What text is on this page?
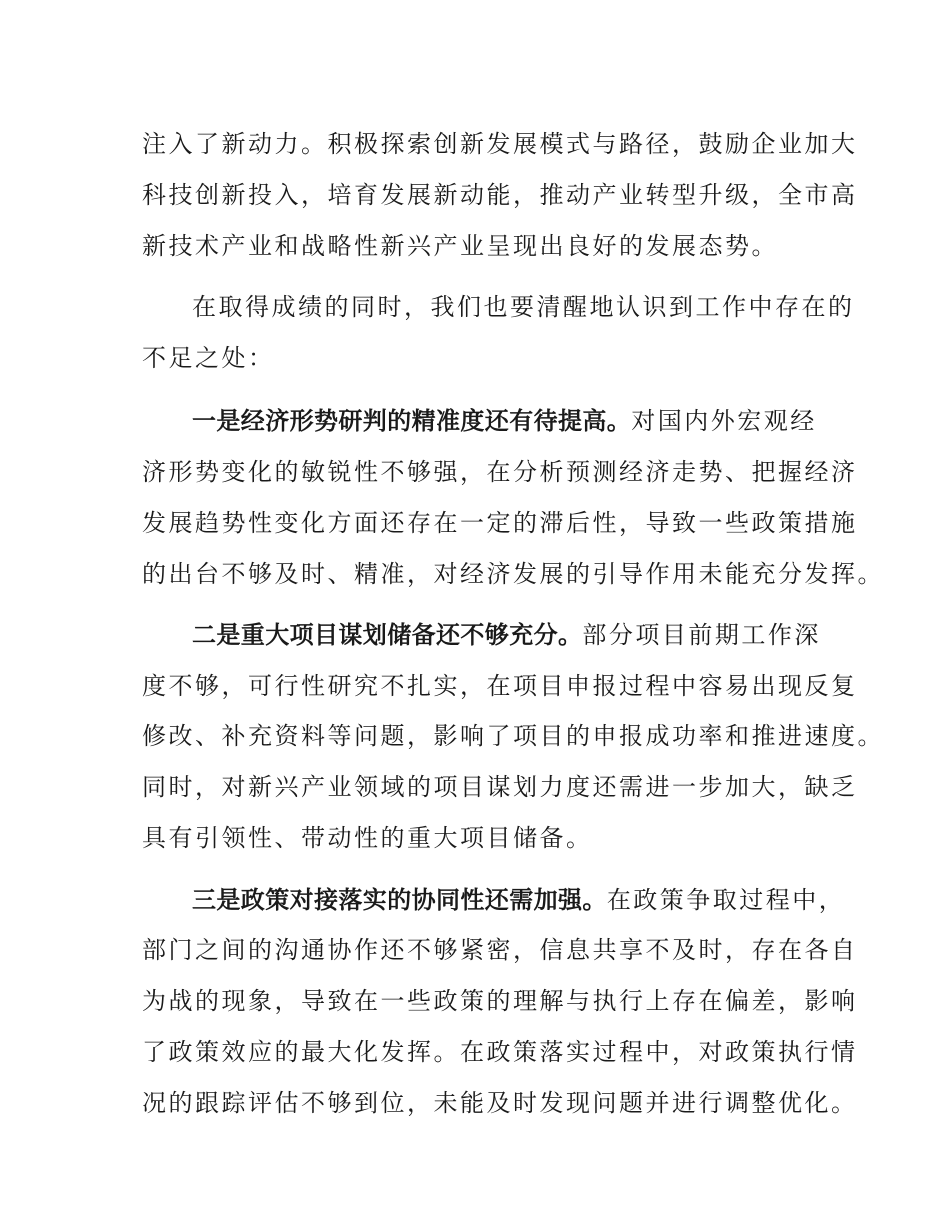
注入了新动力。积极探索创新发展模式与路径，鼓励企业加大
科技创新投入，培育发展新动能，推动产业转型升级，全市高
新技术产业和战略性新兴产业呈现出良好的发展态势。
在取得成绩的同时，我们也要清醒地认识到工作中存在的
不足之处：
一是经济形势研判的精准度还有待提高。对国内外宏观经
济形势变化的敏锐性不够强，在分析预测经济走势、把握经济
发展趋势性变化方面还存在一定的滞后性，导致一些政策措施
的出台不够及时、精准，对经济发展的引导作用未能充分发挥。
二是重大项目谋划储备还不够充分。部分项目前期工作深
度不够，可行性研究不扎实，在项目申报过程中容易出现反复
修改、补充资料等问题，影响了项目的申报成功率和推进速度。
同时，对新兴产业领域的项目谋划力度还需进一步加大，缺乏
具有引领性、带动性的重大项目储备。
三是政策对接落实的协同性还需加强。在政策争取过程中，
部门之间的沟通协作还不够紧密，信息共享不及时，存在各自
为战的现象，导致在一些政策的理解与执行上存在偏差，影响
了政策效应的最大化发挥。在政策落实过程中，对政策执行情
况的跟踪评估不够到位，未能及时发现问题并进行调整优化。
